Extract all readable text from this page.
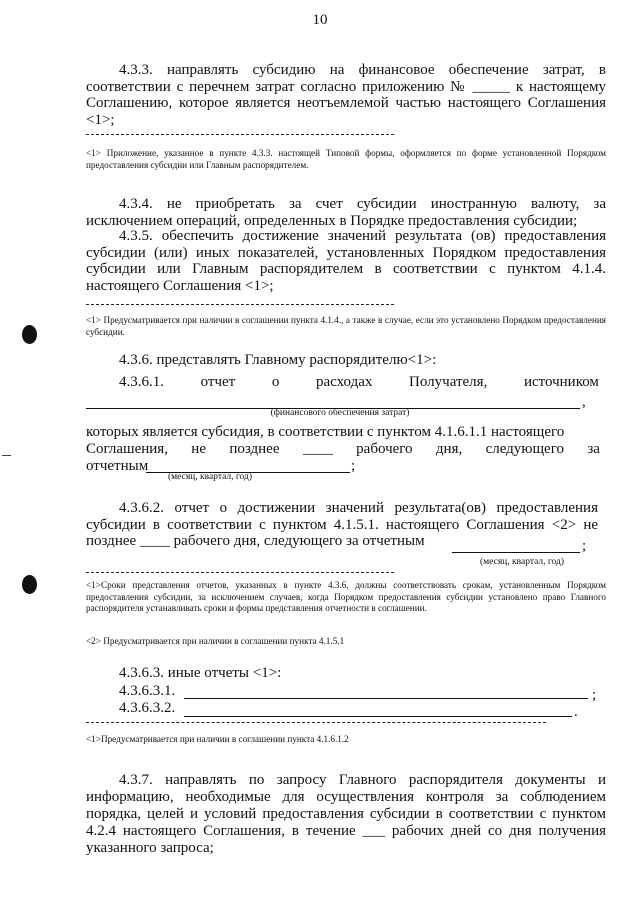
10
4.3.3. направлять субсидию на финансовое обеспечение затрат, в соответствии с перечнем затрат согласно приложению № _____ к настоящему Соглашению, которое является неотъемлемой частью настоящего Соглашения <1>;
<1> Приложение, указанное в пункте 4.3.3. настоящей Типовой формы, оформляется по форме установленной Порядком предоставления субсидии или Главным распорядителем.
4.3.4. не приобретать за счет субсидии иностранную валюту, за исключением операций, определенных в Порядке предоставления субсидии;
4.3.5. обеспечить достижение значений результата (ов) предоставления субсидии (или) иных показателей, установленных Порядком предоставления субсидии или Главным распорядителем в соответствии с пунктом 4.1.4. настоящего Соглашения <1>;
<1> Предусматривается при наличии в соглашении пункта 4.1.4., а также в случае, если это установлено Порядком предоставления субсидии.
4.3.6. представлять Главному распорядителю<1>:
4.3.6.1. отчет о расходах Получателя, источником
,
(финансового обеспечения затрат)
которых является субсидия, в соответствии с пунктом 4.1.6.1.1 настоящего
Соглашения, не позднее ____ рабочего дня, следующего за
отчетным	;
(месяц, квартал, год)
4.3.6.2. отчет о достижении значений результата(ов) предоставления субсидии в соответствии с пунктом 4.1.5.1. настоящего Соглашения <2> не позднее ____ рабочего дня, следующего за отчетным	;
(месяц, квартал, год)
<1>Сроки представления отчетов, указанных в пункте 4.3.6, должны соответствовать срокам, установленным Порядком предоставления субсидии, за исключением случаев, когда Порядком предоставления субсидии установлено право Главного распорядителя устанавливать сроки и формы представления отчетности в соглашении.
<2> Предусматривается при наличии в соглашении пункта 4.1.5.1
4.3.6.3. иные отчеты <1>:
4.3.6.3.1.	;
4.3.6.3.2.	.
<1>Предусматривается при наличии в соглашении пункта 4.1.6.1.2
4.3.7. направлять по запросу Главного распорядителя документы и информацию, необходимые для осуществления контроля за соблюдением порядка, целей и условий предоставления субсидии в соответствии с пунктом 4.2.4 настоящего Соглашения, в течение ___ рабочих дней со дня получения указанного запроса;
